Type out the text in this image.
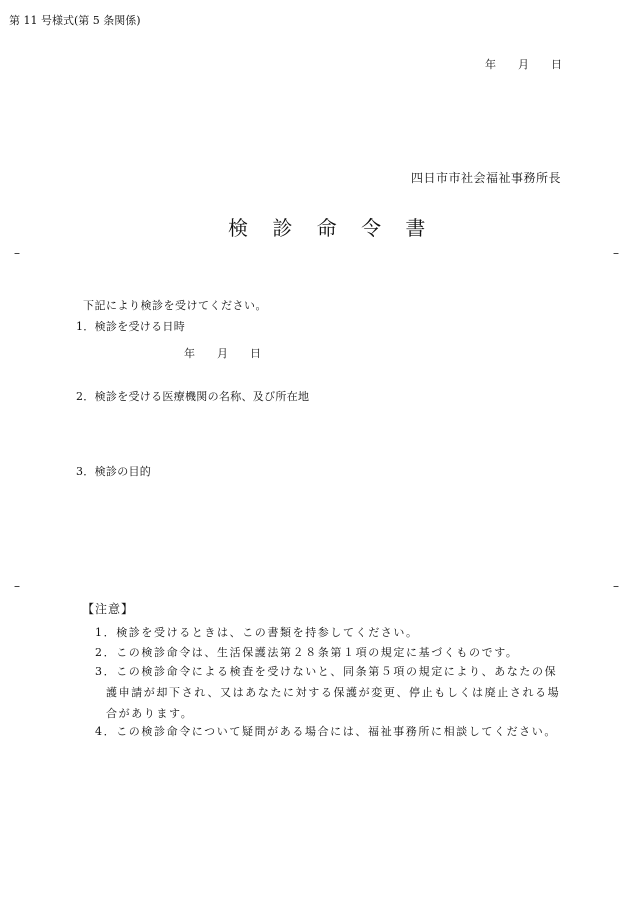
第 11 号様式(第 5 条関係)
年 月 日
四日市市社会福祉事務所長
検 診 命 令 書
–	–
–	–
下記により検診を受けてください。
1．検診を受ける日時
年 月 日
2．検診を受ける医療機関の名称、及び所在地
3．検診の目的
【注意】
1．検診を受けるときは、この書類を持参してください。
2．この検診命令は、生活保護法第２８条第１項の規定に基づくものです。
3．この検診命令による検査を受けないと、同条第５項の規定により、あなたの保
護申請が却下され、又はあなたに対する保護が変更、停止もしくは廃止される場
合があります。
4．この検診命令について疑問がある場合には、福祉事務所に相談してください。
